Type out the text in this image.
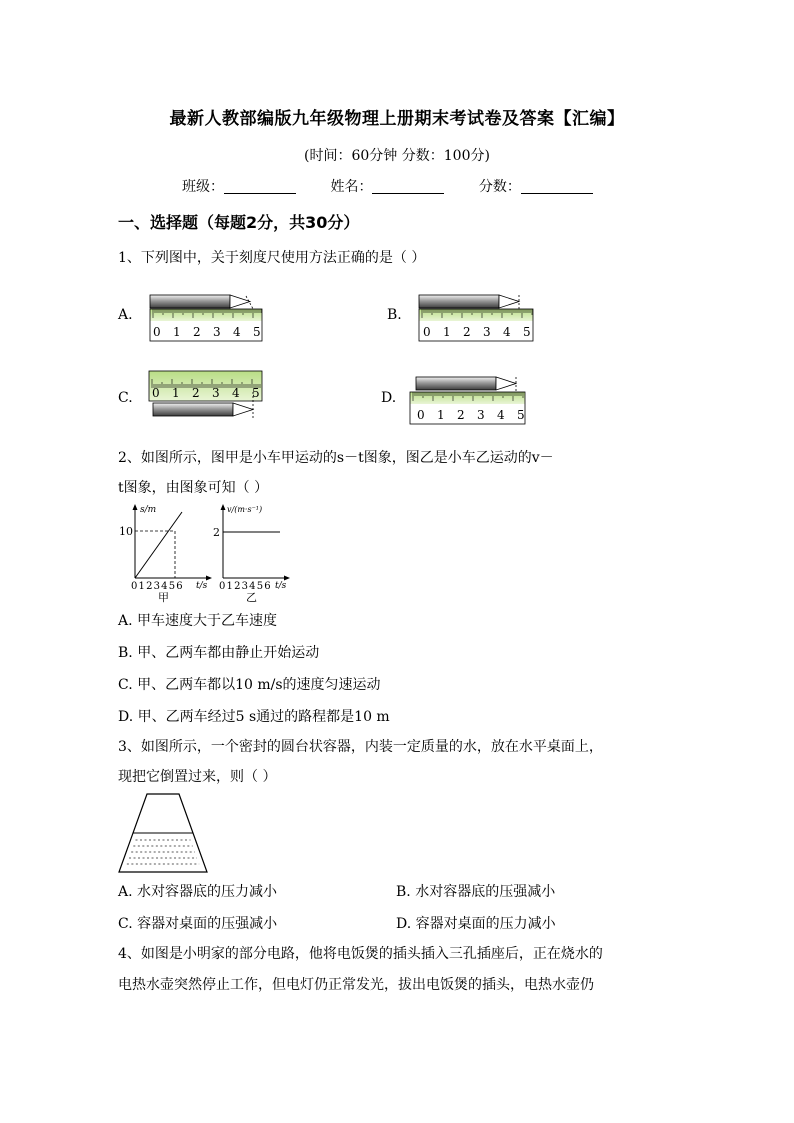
最新人教部编版九年级物理上册期末考试卷及答案【汇编】
(时间：60分钟 分数：100分)
班级：	姓名：	分数：
一、选择题（每题2分，共30分）
1、下列图中，关于刻度尺使用方法正确的是（ ）
A.	B.
C.	D.
0 1 2 3 4 5	0 1 2 3 4 5
0 1 2 3 4 5
0 1 2 3 4 5
2、如图所示，图甲是小车甲运动的s－t图象，图乙是小车乙运动的v－
t图象，由图象可知（ ）
s/m
10
0 1 2 3 4 5 6 t/s
甲
v/(m·s⁻¹)
2
0 1 2 3 4 5 6 t/s
乙
A. 甲车速度大于乙车速度
B. 甲、乙两车都由静止开始运动
C. 甲、乙两车都以10 m/s的速度匀速运动
D. 甲、乙两车经过5 s通过的路程都是10 m
3、如图所示，一个密封的圆台状容器，内装一定质量的水，放在水平桌面上，
现把它倒置过来，则（ ）
A. 水对容器底的压力减小	B. 水对容器底的压强减小
C. 容器对桌面的压强减小	D. 容器对桌面的压力减小
4、如图是小明家的部分电路，他将电饭煲的插头插入三孔插座后，正在烧水的
电热水壶突然停止工作，但电灯仍正常发光，拔出电饭煲的插头，电热水壶仍
